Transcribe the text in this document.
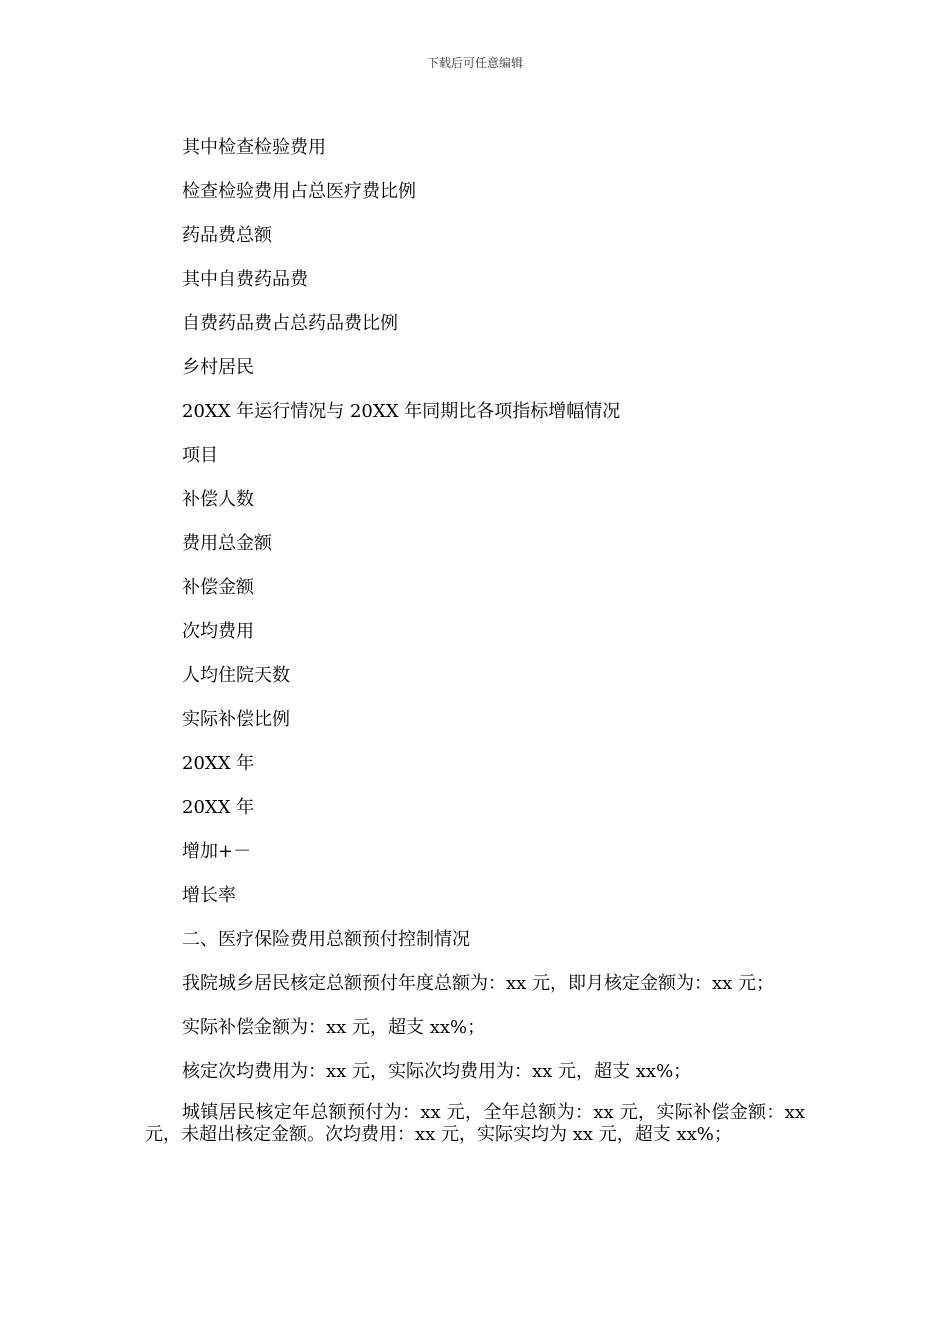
下载后可任意编辑
其中检查检验费用
检查检验费用占总医疗费比例
药品费总额
其中自费药品费
自费药品费占总药品费比例
乡村居民
20XX 年运行情况与 20XX 年同期比各项指标增幅情况
项目
补偿人数
费用总金额
补偿金额
次均费用
人均住院天数
实际补偿比例
20XX 年
20XX 年
增加+－
增长率
二、医疗保险费用总额预付控制情况
我院城乡居民核定总额预付年度总额为：xx 元，即月核定金额为：xx 元；
实际补偿金额为：xx 元，超支 xx%；
核定次均费用为：xx 元，实际次均费用为：xx 元，超支 xx%；

城镇居民核定年总额预付为：xx 元，全年总额为：xx 元，实际补偿金额：xx 元，未超出核定金额。次均费用：xx 元，实际实均为 xx 元，超支 xx%；
